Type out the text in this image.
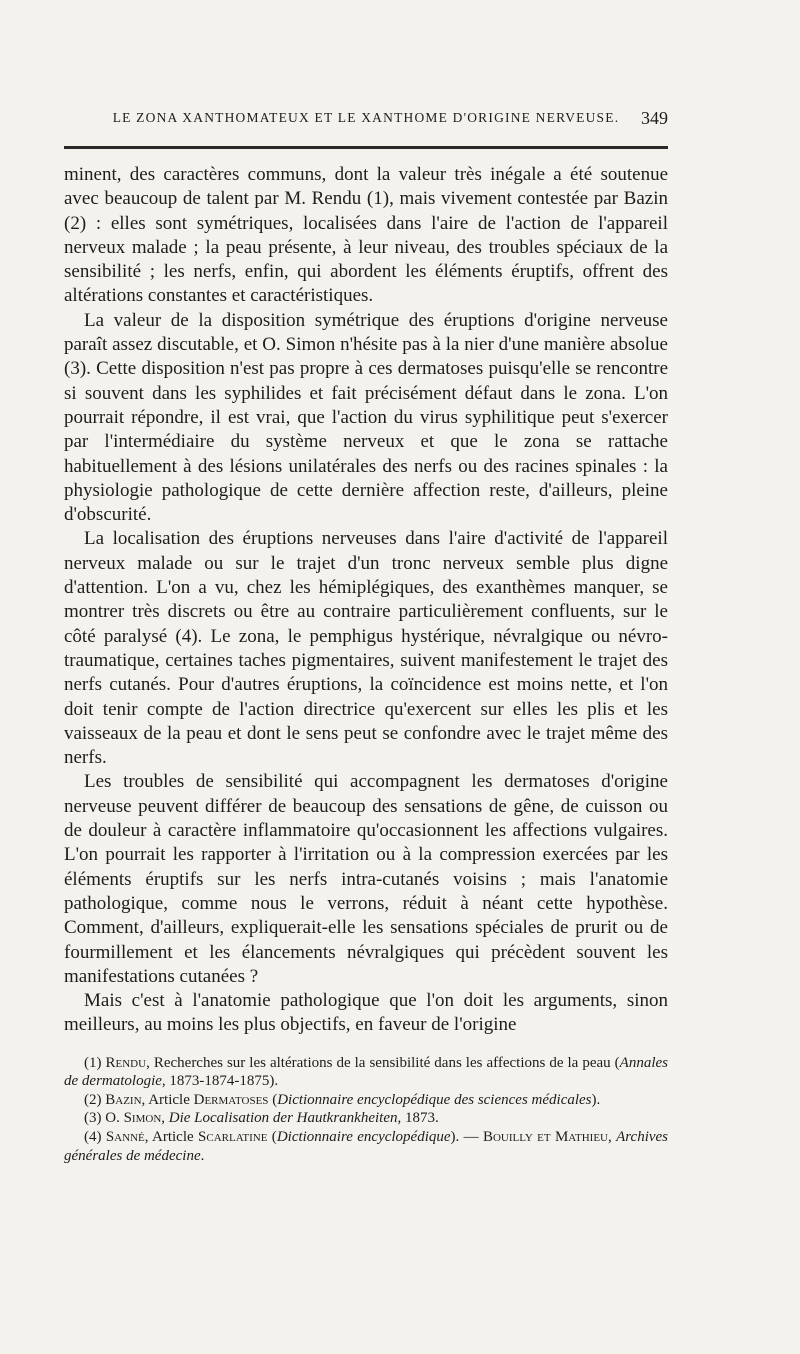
LE ZONA XANTHOMATEUX ET LE XANTHOME D'ORIGINE NERVEUSE. 349

minent, des caractères communs, dont la valeur très inégale a été soutenue avec beaucoup de talent par M. Rendu (1), mais vivement contestée par Bazin (2) : elles sont symétriques, localisées dans l'aire de l'action de l'appareil nerveux malade ; la peau présente, à leur niveau, des troubles spéciaux de la sensibilité ; les nerfs, enfin, qui abordent les éléments éruptifs, offrent des altérations constantes et caractéristiques.

La valeur de la disposition symétrique des éruptions d'origine nerveuse paraît assez discutable, et O. Simon n'hésite pas à la nier d'une manière absolue (3). Cette disposition n'est pas propre à ces dermatoses puisqu'elle se rencontre si souvent dans les syphilides et fait précisément défaut dans le zona. L'on pourrait répondre, il est vrai, que l'action du virus syphilitique peut s'exercer par l'intermédiaire du système nerveux et que le zona se rattache habituellement à des lésions unilatérales des nerfs ou des racines spinales : la physiologie pathologique de cette dernière affection reste, d'ailleurs, pleine d'obscurité.

La localisation des éruptions nerveuses dans l'aire d'activité de l'appareil nerveux malade ou sur le trajet d'un tronc nerveux semble plus digne d'attention. L'on a vu, chez les hémiplégiques, des exanthèmes manquer, se montrer très discrets ou être au contraire particulièrement confluents, sur le côté paralysé (4). Le zona, le pemphigus hystérique, névralgique ou névro-traumatique, certaines taches pigmentaires, suivent manifestement le trajet des nerfs cutanés. Pour d'autres éruptions, la coïncidence est moins nette, et l'on doit tenir compte de l'action directrice qu'exercent sur elles les plis et les vaisseaux de la peau et dont le sens peut se confondre avec le trajet même des nerfs.

Les troubles de sensibilité qui accompagnent les dermatoses d'origine nerveuse peuvent différer de beaucoup des sensations de gêne, de cuisson ou de douleur à caractère inflammatoire qu'occasionnent les affections vulgaires. L'on pourrait les rapporter à l'irritation ou à la compression exercées par les éléments éruptifs sur les nerfs intra-cutanés voisins ; mais l'anatomie pathologique, comme nous le verrons, réduit à néant cette hypothèse. Comment, d'ailleurs, expliquerait-elle les sensations spéciales de prurit ou de fourmillement et les élancements névralgiques qui précèdent souvent les manifestations cutanées ?

Mais c'est à l'anatomie pathologique que l'on doit les arguments, sinon meilleurs, au moins les plus objectifs, en faveur de l'origine

(1) Rendu, Recherches sur les altérations de la sensibilité dans les affections de la peau (Annales de dermatologie, 1873-1874-1875).

(2) Bazin, Article Dermatoses (Dictionnaire encyclopédique des sciences médicales).

(3) O. Simon, Die Localisation der Hautkrankheiten, 1873.

(4) Sanné, Article Scarlatine (Dictionnaire encyclopédique). — Bouilly et Mathieu, Archives générales de médecine.
